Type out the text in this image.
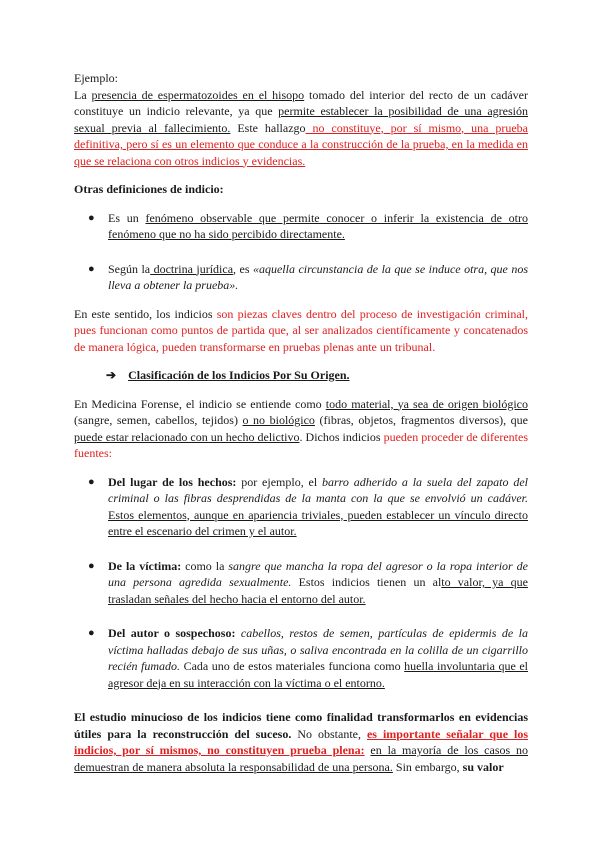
Ejemplo:

La presencia de espermatozoides en el hisopo tomado del interior del recto de un cadáver constituye un indicio relevante, ya que permite establecer la posibilidad de una agresión sexual previa al fallecimiento. Este hallazgo no constituye, por sí mismo, una prueba definitiva, pero sí es un elemento que conduce a la construcción de la prueba, en la medida en que se relaciona con otros indicios y evidencias.

Otras definiciones de indicio:

● Es un fenómeno observable que permite conocer o inferir la existencia de otro fenómeno que no ha sido percibido directamente.
● Según la doctrina jurídica, es «aquella circunstancia de la que se induce otra, que nos lleva a obtener la prueba».

En este sentido, los indicios son piezas claves dentro del proceso de investigación criminal, pues funcionan como puntos de partida que, al ser analizados científicamente y concatenados de manera lógica, pueden transformarse en pruebas plenas ante un tribunal.

➔ Clasificación de los Indicios Por Su Origen.

En Medicina Forense, el indicio se entiende como todo material, ya sea de origen biológico (sangre, semen, cabellos, tejidos) o no biológico (fibras, objetos, fragmentos diversos), que puede estar relacionado con un hecho delictivo. Dichos indicios pueden proceder de diferentes fuentes:

● Del lugar de los hechos: por ejemplo, el barro adherido a la suela del zapato del criminal o las fibras desprendidas de la manta con la que se envolvió un cadáver. Estos elementos, aunque en apariencia triviales, pueden establecer un vínculo directo entre el escenario del crimen y el autor.
● De la víctima: como la sangre que mancha la ropa del agresor o la ropa interior de una persona agredida sexualmente. Estos indicios tienen un alto valor, ya que trasladan señales del hecho hacia el entorno del autor.
● Del autor o sospechoso: cabellos, restos de semen, partículas de epidermis de la víctima halladas debajo de sus uñas, o saliva encontrada en la colilla de un cigarrillo recién fumado. Cada uno de estos materiales funciona como huella involuntaria que el agresor deja en su interacción con la víctima o el entorno.

El estudio minucioso de los indicios tiene como finalidad transformarlos en evidencias útiles para la reconstrucción del suceso. No obstante, es importante señalar que los indicios, por sí mismos, no constituyen prueba plena: en la mayoría de los casos no demuestran de manera absoluta la responsabilidad de una persona. Sin embargo, su valor
